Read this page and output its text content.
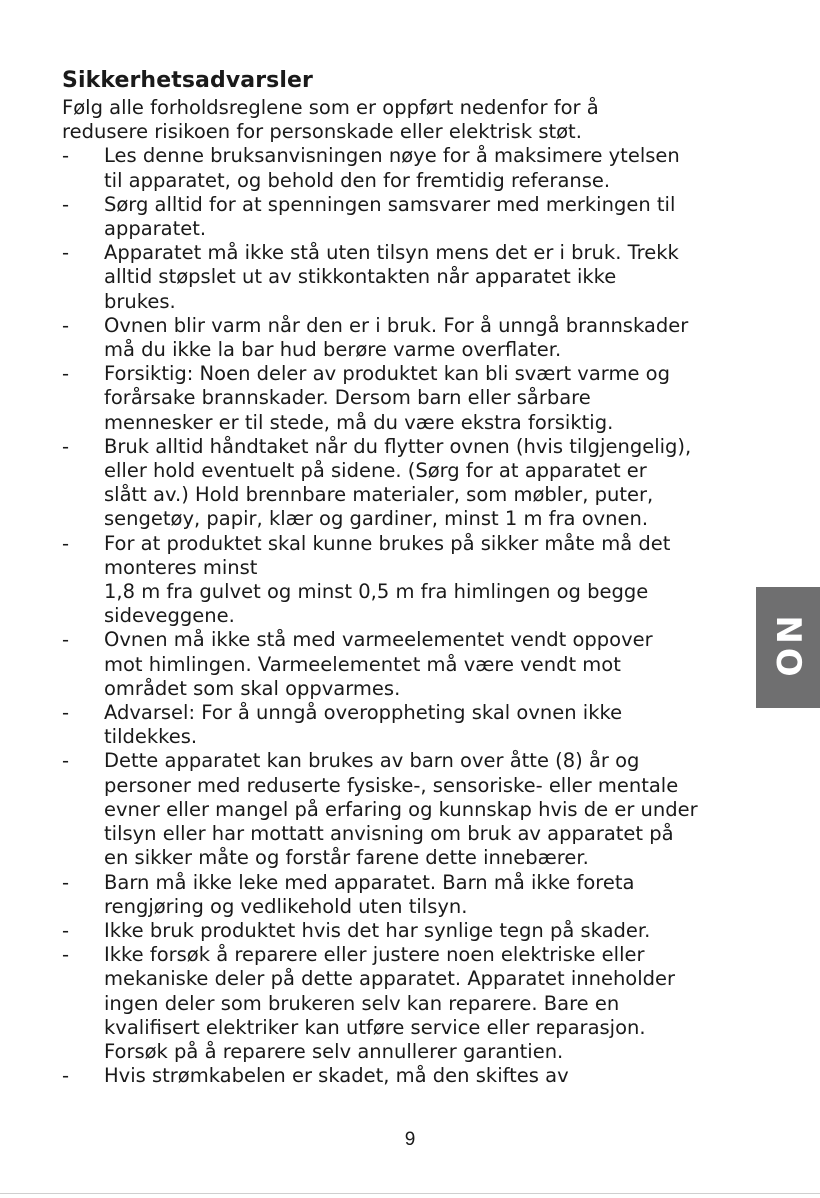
Sikkerhetsadvarsler

Følg alle forholdsreglene som er oppført nedenfor for å
redusere risikoen for personskade eller elektrisk støt.

- Les denne bruksanvisningen nøye for å maksimere ytelsen
til apparatet, og behold den for fremtidig referanse.
- Sørg alltid for at spenningen samsvarer med merkingen til
apparatet.
- Apparatet må ikke stå uten tilsyn mens det er i bruk. Trekk
alltid støpslet ut av stikkontakten når apparatet ikke
brukes.
- Ovnen blir varm når den er i bruk. For å unngå brannskader
må du ikke la bar hud berøre varme overflater.
- Forsiktig: Noen deler av produktet kan bli svært varme og
forårsake brannskader. Dersom barn eller sårbare
mennesker er til stede, må du være ekstra forsiktig.
- Bruk alltid håndtaket når du flytter ovnen (hvis tilgjengelig),
eller hold eventuelt på sidene. (Sørg for at apparatet er
slått av.) Hold brennbare materialer, som møbler, puter,
sengetøy, papir, klær og gardiner, minst 1 m fra ovnen.
- For at produktet skal kunne brukes på sikker måte må det
monteres minst
1,8 m fra gulvet og minst 0,5 m fra himlingen og begge
sideveggene.
- Ovnen må ikke stå med varmeelementet vendt oppover
mot himlingen. Varmeelementet må være vendt mot
området som skal oppvarmes.
- Advarsel: For å unngå overoppheting skal ovnen ikke
tildekkes.
- Dette apparatet kan brukes av barn over åtte (8) år og
personer med reduserte fysiske-, sensoriske- eller mentale
evner eller mangel på erfaring og kunnskap hvis de er under
tilsyn eller har mottatt anvisning om bruk av apparatet på
en sikker måte og forstår farene dette innebærer.
- Barn må ikke leke med apparatet. Barn må ikke foreta
rengjøring og vedlikehold uten tilsyn.
- Ikke bruk produktet hvis det har synlige tegn på skader.
- Ikke forsøk å reparere eller justere noen elektriske eller
mekaniske deler på dette apparatet. Apparatet inneholder
ingen deler som brukeren selv kan reparere. Bare en
kvalifisert elektriker kan utføre service eller reparasjon.
Forsøk på å reparere selv annullerer garantien.
- Hvis strømkabelen er skadet, må den skiftes av
NO
9
